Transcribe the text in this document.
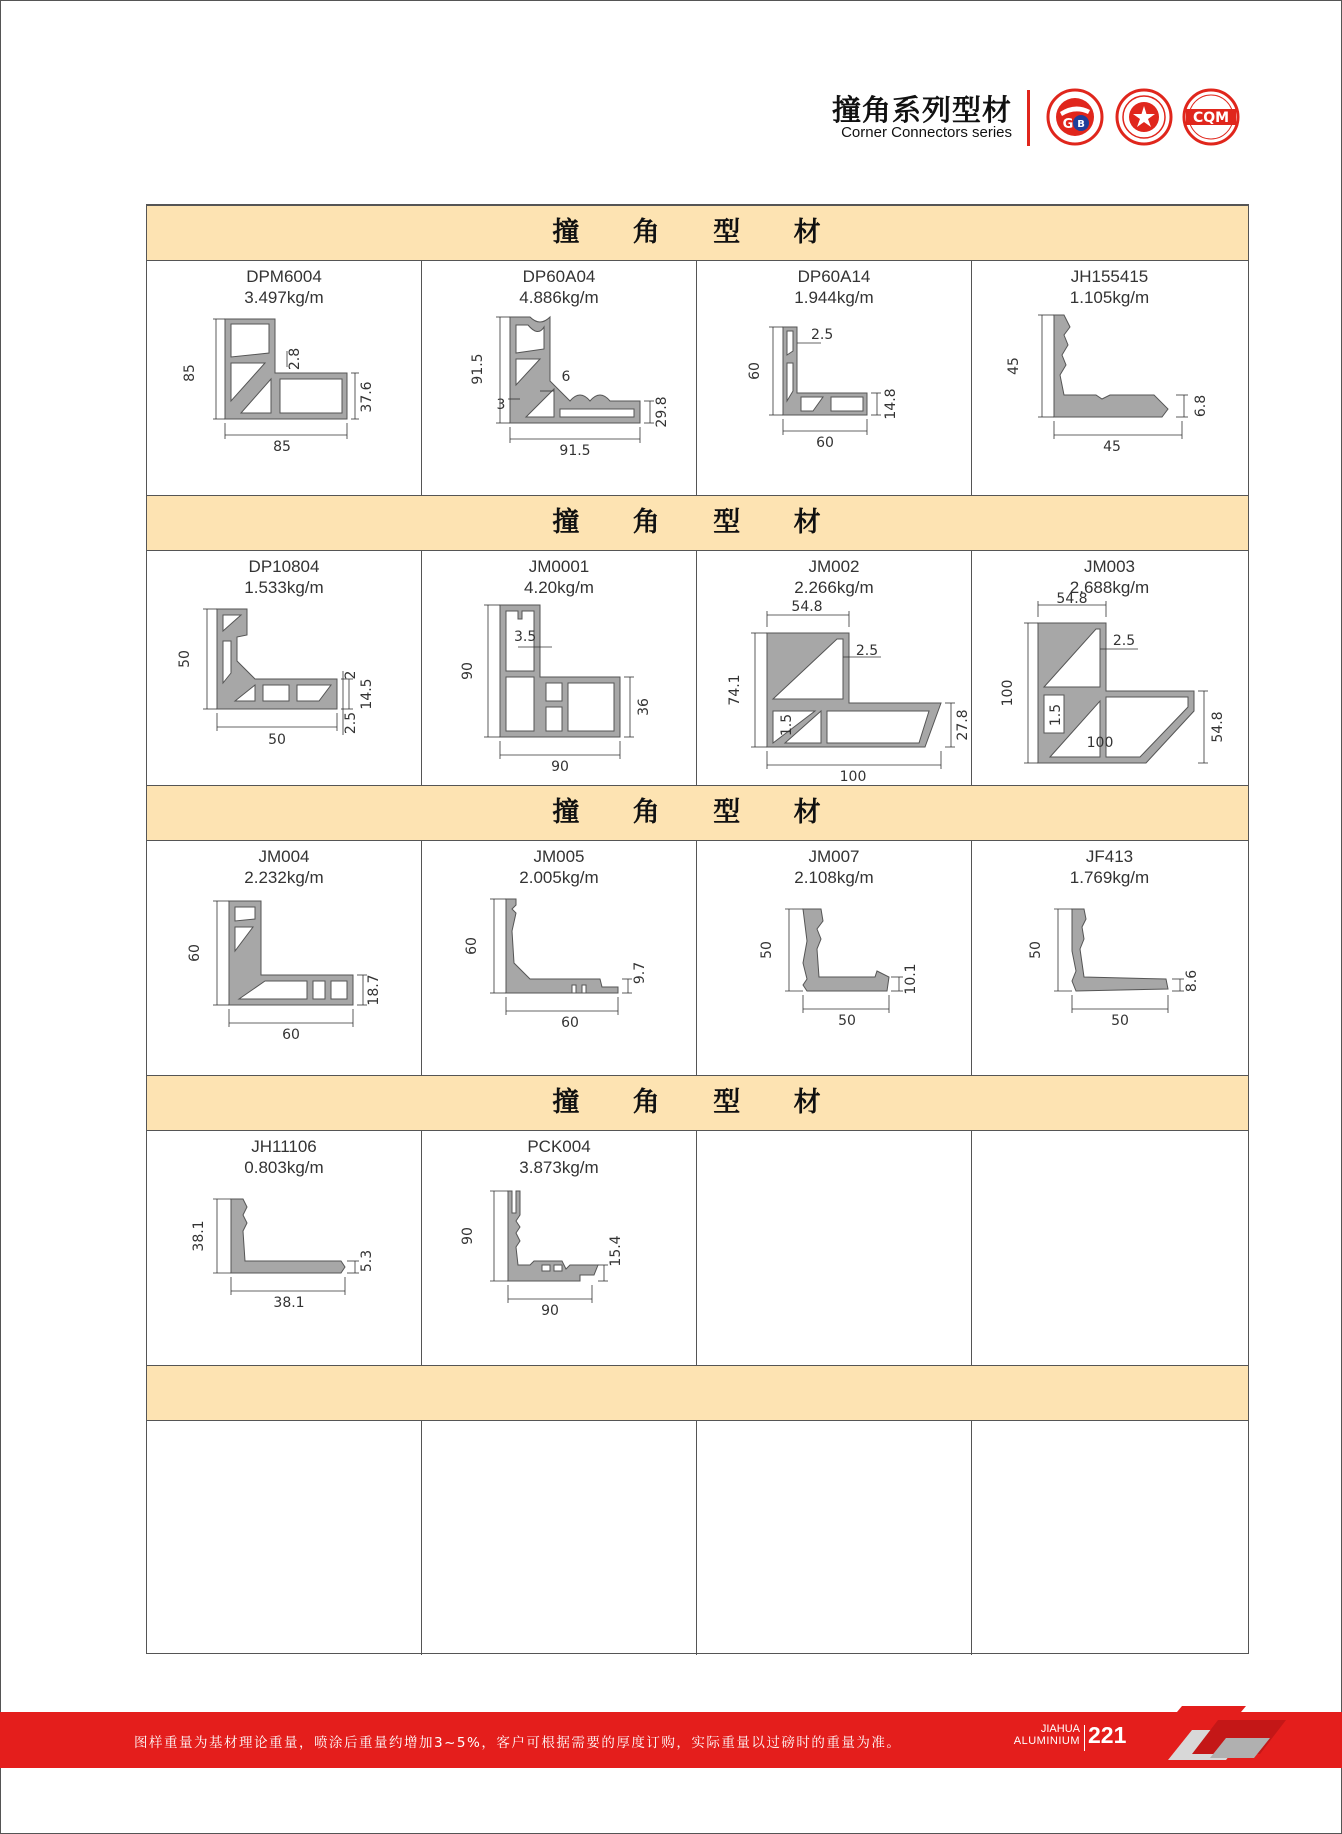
撞角系列型材
Corner Connectors series	B
G	CQM
撞 角 型 材
撞 角 型 材
撞 角 型 材
撞 角 型 材
DPM6004
3.497kg/m
85
2.8
37.6
85
DP60A04
4.886kg/m
91.5	6
3	29.8
91.5
DP60A14
1.944kg/m
2.5
60
14.8
60
JH155415
1.105kg/m
45
6.8
45
DP10804
1.533kg/m
50
2
14.5
2.5
50
JM0001
4.20kg/m
3.5
90
36
90
JM002
2.266kg/m
54.8
2.5
74.1
1.5	27.8
100
JM003
2.688kg/m
54.8
2.5
100
1.5
100
54.8
JM004
2.232kg/m
60
18.7
60
JM005
2.005kg/m
60
9.7
60
JM007
2.108kg/m
50
10.1
50
JF413
1.769kg/m
50
8.6
50
JH11106
0.803kg/m
38.1
5.3
38.1
PCK004
3.873kg/m
90	15.4
90
图样重量为基材理论重量，喷涂后重量约增加3~5%，客户可根据需要的厚度订购，实际重量以过磅时的重量为准。
JIAHUA
ALUMINIUM 221
